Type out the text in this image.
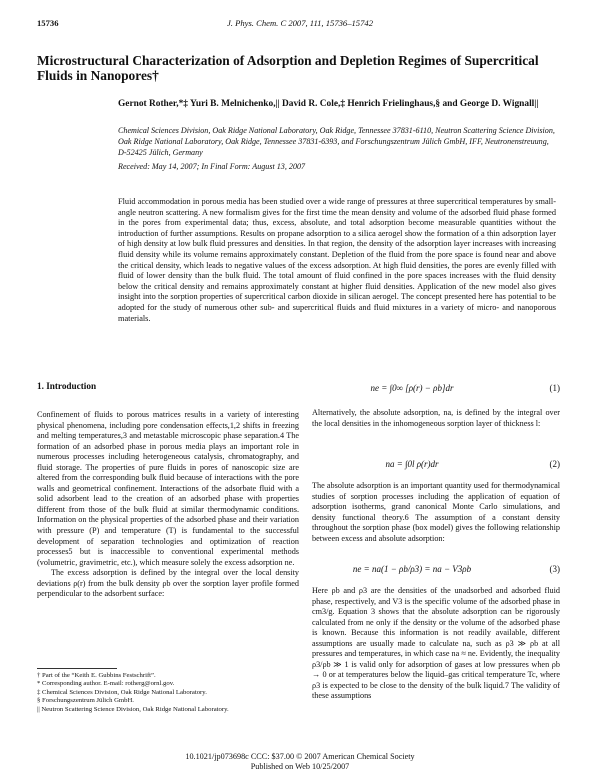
15736	J. Phys. Chem. C 2007, 111, 15736–15742
Microstructural Characterization of Adsorption and Depletion Regimes of Supercritical Fluids in Nanopores†
Gernot Rother,*‡ Yuri B. Melnichenko,|| David R. Cole,‡ Henrich Frielinghaus,§ and George D. Wignall||
Chemical Sciences Division, Oak Ridge National Laboratory, Oak Ridge, Tennessee 37831-6110, Neutron Scattering Science Division, Oak Ridge National Laboratory, Oak Ridge, Tennessee 37831-6393, and Forschungszentrum Jülich GmbH, IFF, Neutronenstreuung, D-52425 Jülich, Germany
Received: May 14, 2007; In Final Form: August 13, 2007
Fluid accommodation in porous media has been studied over a wide range of pressures at three supercritical temperatures by small-angle neutron scattering. A new formalism gives for the first time the mean density and volume of the adsorbed fluid phase formed in the pores from experimental data; thus, excess, absolute, and total adsorption become measurable quantities without the introduction of further assumptions. Results on propane adsorption to a silica aerogel show the formation of a thin adsorption layer of high density at low bulk fluid pressures and densities. In that region, the density of the adsorption layer increases with increasing fluid density while its volume remains approximately constant. Depletion of the fluid from the pore space is found near and above the critical density, which leads to negative values of the excess adsorption. At high fluid densities, the pores are evenly filled with fluid of lower density than the bulk fluid. The total amount of fluid confined in the pore spaces increases with the fluid density below the critical density and remains approximately constant at higher fluid densities. Application of the new model also gives insight into the sorption properties of supercritical carbon dioxide in silican aerogel. The concept presented here has potential to be adopted for the study of numerous other sub- and supercritical fluids and fluid mixtures in a variety of micro- and nanoporous materials.
1. Introduction

Confinement of fluids to porous matrices results in a variety of interesting physical phenomena, including pore condensation effects,1,2 shifts in freezing and melting temperatures,3 and metastable microscopic phase separation.4 The formation of an adsorbed phase in porous media plays an important role in numerous processes including heterogeneous catalysis, chromatography, and fluid storage. The properties of pure fluids in pores of nanoscopic size are altered from the corresponding bulk fluid because of interactions with the pore walls and geometrical confinement. Interactions of the adsorbate fluid with a solid adsorbent lead to the creation of an adsorbed phase with properties different from those of the bulk fluid at similar thermodynamic conditions. Information on the physical properties of the adsorbed phase and their variation with pressure (P) and temperature (T) is fundamental to the successful development of separation technologies and optimization of reaction processes5 but is inaccessible to conventional experimental methods (volumetric, gravimetric, etc.), which measure solely the excess adsorption ne.

The excess adsorption is defined by the integral over the local density deviations ρ(r) from the bulk density ρb over the sorption layer profile formed perpendicular to the adsorbent surface:

ne = ∫0∞ [ρ(r) − ρb]dr	(1)
Alternatively, the absolute adsorption, na, is defined by the integral over the local densities in the inhomogeneous sorption layer of thickness l:
na = ∫0l ρ(r)dr	(2)
The absolute adsorption is an important quantity used for thermodynamical studies of sorption processes including the application of equation of adsorption isotherms, grand canonical Monte Carlo simulations, and density functional theory.6 The assumption of a constant density throughout the sorption phase (box model) gives the following relationship between excess and absolute adsorption:
ne = na(1 − ρb/ρ3) = na − V3ρb	(3)
Here ρb and ρ3 are the densities of the unadsorbed and adsorbed fluid phase, respectively, and V3 is the specific volume of the adsorbed phase in cm3/g. Equation 3 shows that the absolute adsorption can be rigorously calculated from ne only if the density or the volume of the adsorbed phase is known. Because this information is not readily available, different assumptions are usually made to calculate na, such as ρ3 ≫ ρb at all pressures and temperatures, in which case na ≈ ne. Evidently, the inequality ρ3/ρb ≫ 1 is valid only for adsorption of gases at low pressures when ρb → 0 or at temperatures below the liquid–gas critical temperature Tc, where ρ3 is expected to be close to the density of the bulk liquid.7 The validity of these assumptions
† Part of the “Keith E. Gubbins Festschrift”.
* Corresponding author. E-mail: rotherg@ornl.gov.
‡ Chemical Sciences Division, Oak Ridge National Laboratory.
§ Forschungszentrum Jülich GmbH.
|| Neutron Scattering Science Division, Oak Ridge National Laboratory.
10.1021/jp073698c CCC: $37.00 © 2007 American Chemical Society
Published on Web 10/25/2007
